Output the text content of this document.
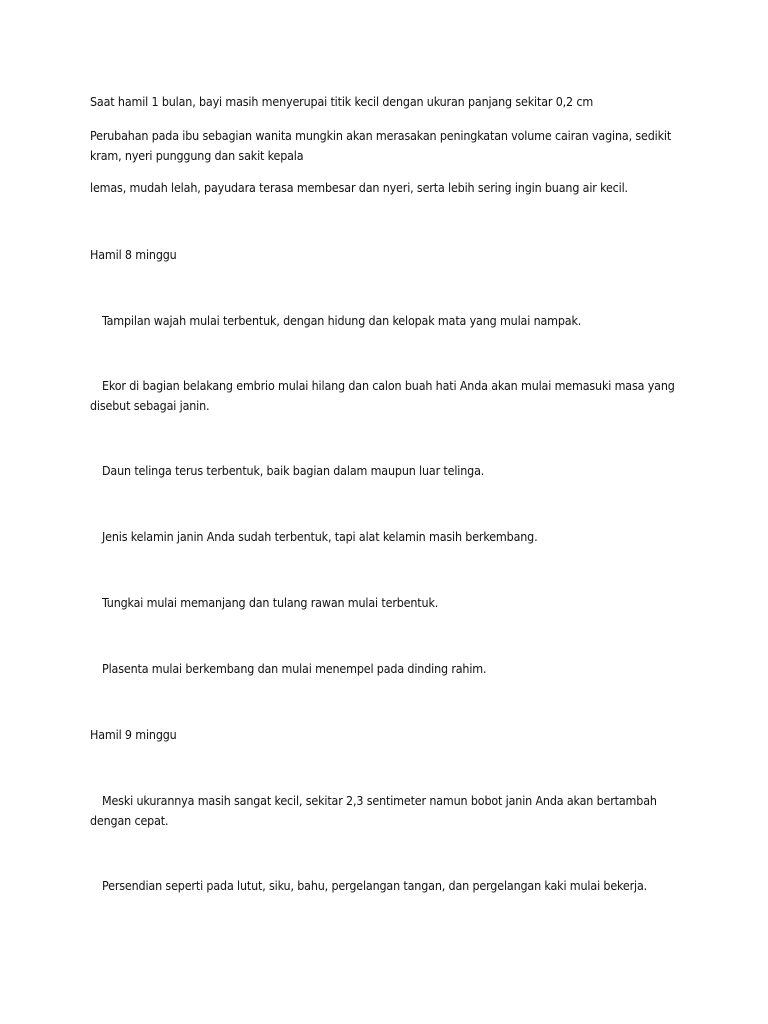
Saat hamil 1 bulan, bayi masih menyerupai titik kecil dengan ukuran panjang sekitar 0,2 cm

Perubahan pada ibu sebagian wanita mungkin akan merasakan peningkatan volume cairan vagina, sedikit kram, nyeri punggung dan sakit kepala

lemas, mudah lelah, payudara terasa membesar dan nyeri, serta lebih sering ingin buang air kecil.

Hamil 8 minggu

Tampilan wajah mulai terbentuk, dengan hidung dan kelopak mata yang mulai nampak.

Ekor di bagian belakang embrio mulai hilang dan calon buah hati Anda akan mulai memasuki masa yang disebut sebagai janin.

Daun telinga terus terbentuk, baik bagian dalam maupun luar telinga.

Jenis kelamin janin Anda sudah terbentuk, tapi alat kelamin masih berkembang.

Tungkai mulai memanjang dan tulang rawan mulai terbentuk.

Plasenta mulai berkembang dan mulai menempel pada dinding rahim.

Hamil 9 minggu

Meski ukurannya masih sangat kecil, sekitar 2,3 sentimeter namun bobot janin Anda akan bertambah dengan cepat.

Persendian seperti pada lutut, siku, bahu, pergelangan tangan, dan pergelangan kaki mulai bekerja.
